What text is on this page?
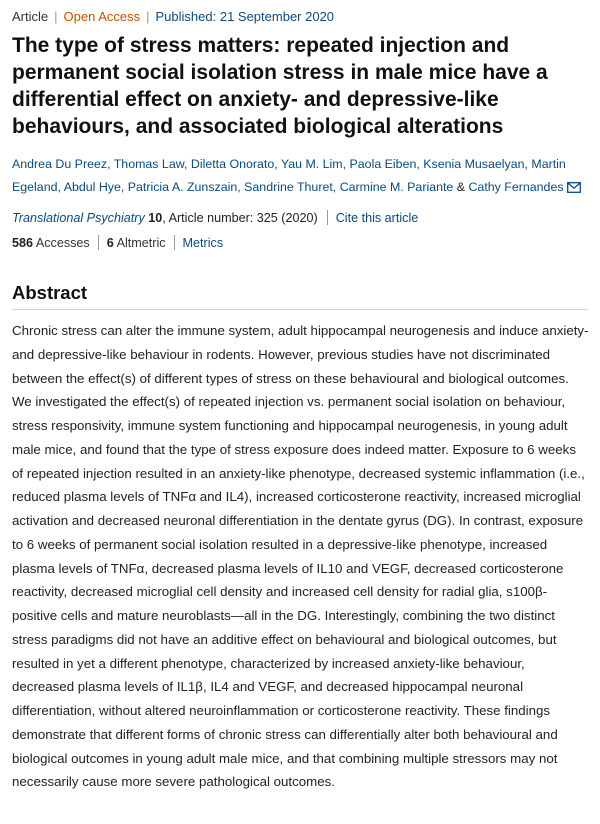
Article | Open Access | Published: 21 September 2020
The type of stress matters: repeated injection and permanent social isolation stress in male mice have a differential effect on anxiety- and depressive-like behaviours, and associated biological alterations
Andrea Du Preez, Thomas Law, Diletta Onorato, Yau M. Lim, Paola Eiben, Ksenia Musaelyan, Martin Egeland, Abdul Hye, Patricia A. Zunszain, Sandrine Thuret, Carmine M. Pariante & Cathy Fernandes
Translational Psychiatry 10, Article number: 325 (2020) Cite this article
586 Accesses 6 Altmetric Metrics
Abstract

Chronic stress can alter the immune system, adult hippocampal neurogenesis and induce anxiety- and depressive-like behaviour in rodents. However, previous studies have not discriminated between the effect(s) of different types of stress on these behavioural and biological outcomes. We investigated the effect(s) of repeated injection vs. permanent social isolation on behaviour, stress responsivity, immune system functioning and hippocampal neurogenesis, in young adult male mice, and found that the type of stress exposure does indeed matter. Exposure to 6 weeks of repeated injection resulted in an anxiety-like phenotype, decreased systemic inflammation (i.e., reduced plasma levels of TNFα and IL4), increased corticosterone reactivity, increased microglial activation and decreased neuronal differentiation in the dentate gyrus (DG). In contrast, exposure to 6 weeks of permanent social isolation resulted in a depressive-like phenotype, increased plasma levels of TNFα, decreased plasma levels of IL10 and VEGF, decreased corticosterone reactivity, decreased microglial cell density and increased cell density for radial glia, s100β-positive cells and mature neuroblasts—all in the DG. Interestingly, combining the two distinct stress paradigms did not have an additive effect on behavioural and biological outcomes, but resulted in yet a different phenotype, characterized by increased anxiety-like behaviour, decreased plasma levels of IL1β, IL4 and VEGF, and decreased hippocampal neuronal differentiation, without altered neuroinflammation or corticosterone reactivity. These findings demonstrate that different forms of chronic stress can differentially alter both behavioural and biological outcomes in young adult male mice, and that combining multiple stressors may not necessarily cause more severe pathological outcomes.
